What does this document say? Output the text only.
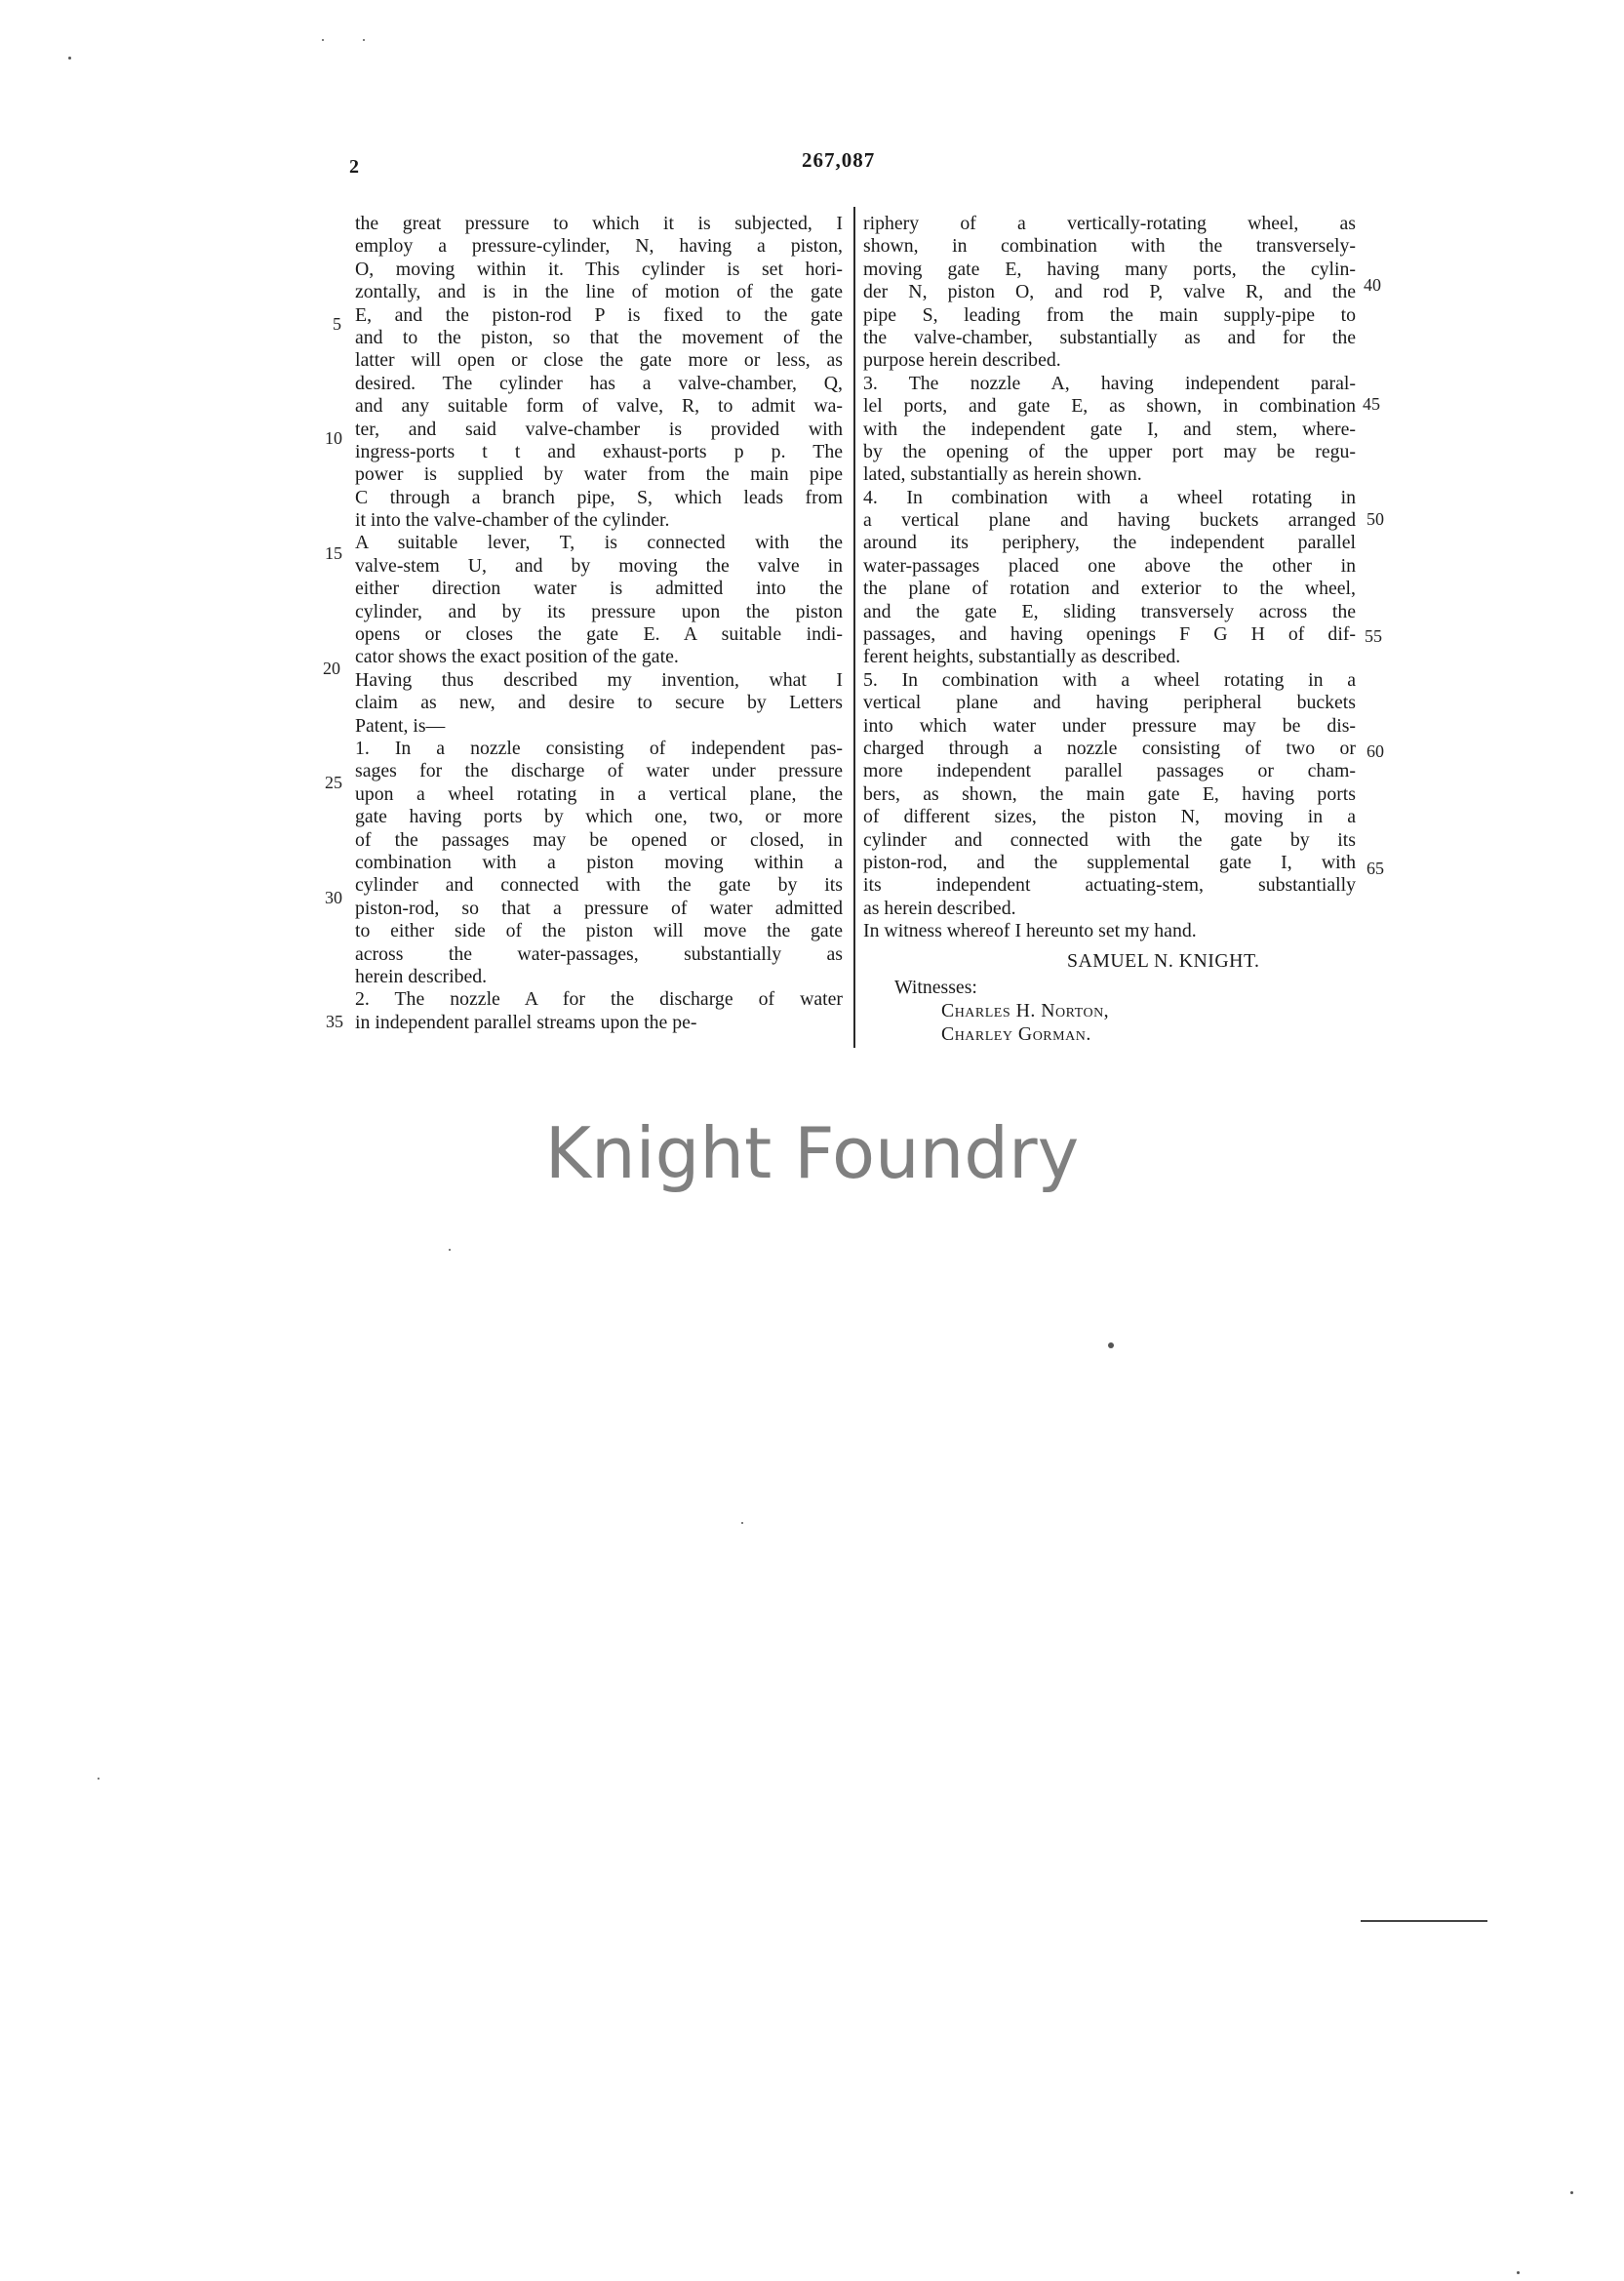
2	267,087
the great pressure to which it is subjected, I
employ a pressure-cylinder, N, having a piston,
O, moving within it. This cylinder is set hori-
zontally, and is in the line of motion of the gate
E, and the piston-rod P is fixed to the gate
and to the piston, so that the movement of the
latter will open or close the gate more or less, as
desired. The cylinder has a valve-chamber, Q,
and any suitable form of valve, R, to admit wa-
ter, and said valve-chamber is provided with
ingress-ports t t and exhaust-ports p p. The
power is supplied by water from the main pipe
C through a branch pipe, S, which leads from
it into the valve-chamber of the cylinder.
A suitable lever, T, is connected with the
valve-stem U, and by moving the valve in
either direction water is admitted into the
cylinder, and by its pressure upon the piston
opens or closes the gate E. A suitable indi-
cator shows the exact position of the gate.
Having thus described my invention, what I
claim as new, and desire to secure by Letters
Patent, is—
1. In a nozzle consisting of independent pas-
sages for the discharge of water under pressure
upon a wheel rotating in a vertical plane, the
gate having ports by which one, two, or more
of the passages may be opened or closed, in
combination with a piston moving within a
cylinder and connected with the gate by its
piston-rod, so that a pressure of water admitted
to either side of the piston will move the gate
across the water-passages, substantially as
herein described.
2. The nozzle A for the discharge of water
in independent parallel streams upon the pe-
riphery of a vertically-rotating wheel, as
shown, in combination with the transversely-
moving gate E, having many ports, the cylin-
der N, piston O, and rod P, valve R, and the
pipe S, leading from the main supply-pipe to
the valve-chamber, substantially as and for the
purpose herein described.
3. The nozzle A, having independent paral-
lel ports, and gate E, as shown, in combination
with the independent gate I, and stem, where-
by the opening of the upper port may be regu-
lated, substantially as herein shown.
4. In combination with a wheel rotating in
a vertical plane and having buckets arranged
around its periphery, the independent parallel
water-passages placed one above the other in
the plane of rotation and exterior to the wheel,
and the gate E, sliding transversely across the
passages, and having openings F G H of dif-
ferent heights, substantially as described.
5. In combination with a wheel rotating in a
vertical plane and having peripheral buckets
into which water under pressure may be dis-
charged through a nozzle consisting of two or
more independent parallel passages or cham-
bers, as shown, the main gate E, having ports
of different sizes, the piston N, moving in a
cylinder and connected with the gate by its
piston-rod, and the supplemental gate I, with
its independent actuating-stem, substantially
as herein described.
In witness whereof I hereunto set my hand.
5
10
15
20
25
30
35
40
45
50
55
60
65
SAMUEL N. KNIGHT.
Witnesses:
Charles H. Norton,
Charley Gorman.
Knight Foundry
